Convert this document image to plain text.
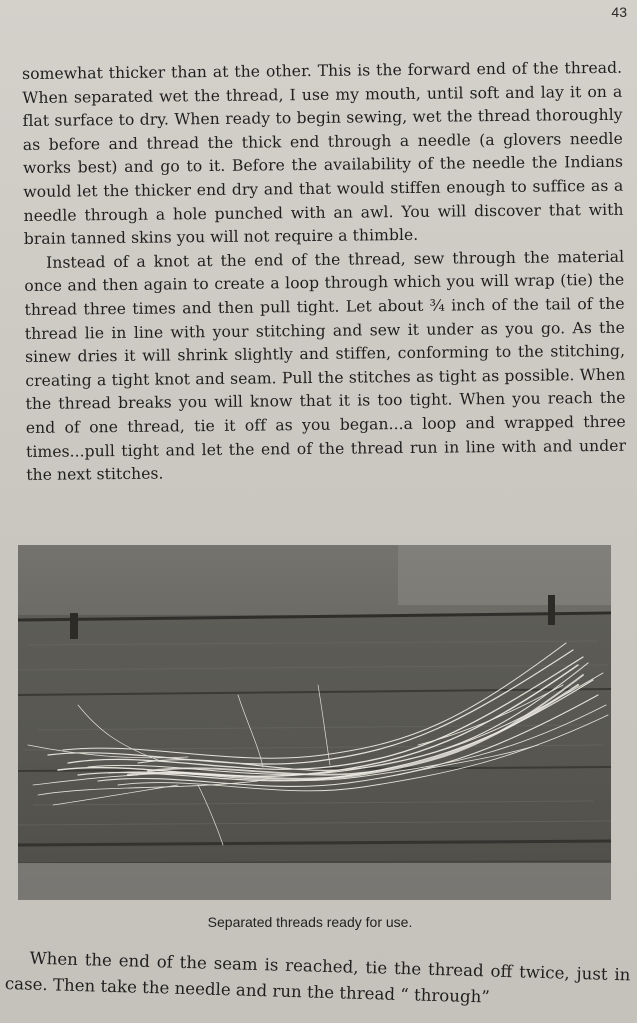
43

somewhat thicker than at the other. This is the forward end of the thread. When separated wet the thread, I use my mouth, until soft and lay it on a flat surface to dry. When ready to begin sewing, wet the thread thoroughly as before and thread the thick end through a needle (a glovers needle works best) and go to it. Before the availability of the needle the Indians would let the thicker end dry and that would stiffen enough to suffice as a needle through a hole punched with an awl. You will discover that with brain tanned skins you will not require a thimble.

Instead of a knot at the end of the thread, sew through the material once and then again to create a loop through which you will wrap (tie) the thread three times and then pull tight. Let about ¾ inch of the tail of the thread lie in line with your stitching and sew it under as you go. As the sinew dries it will shrink slightly and stiffen, conforming to the stitching, creating a tight knot and seam. Pull the stitches as tight as possible. When the thread breaks you will know that it is too tight. When you reach the end of one thread, tie it off as you began...a loop and wrapped three times...pull tight and let the end of the thread run in line with and under the next stitches.

Separated threads ready for use.

When the end of the seam is reached, tie the thread off twice, just in case. Then take the needle and run the thread “ through”
